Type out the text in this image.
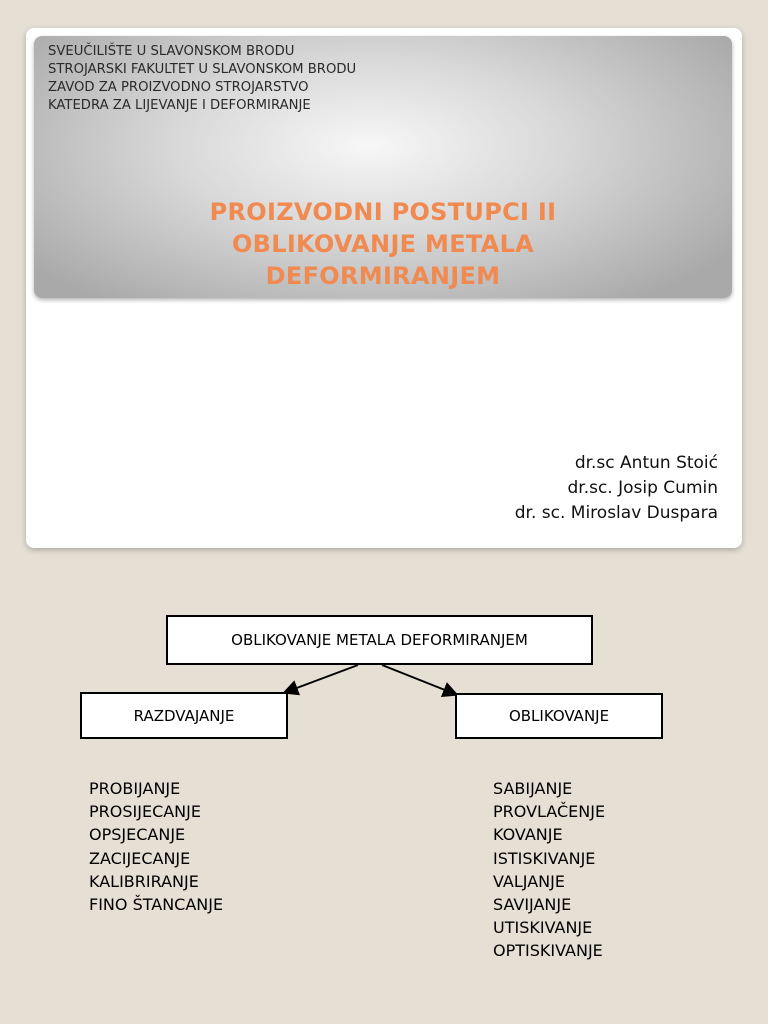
SVEUČILIŠTE U SLAVONSKOM BRODU
STROJARSKI FAKULTET U SLAVONSKOM BRODU
ZAVOD ZA PROIZVODNO STROJARSTVO
KATEDRA ZA LIJEVANJE I DEFORMIRANJE
PROIZVODNI POSTUPCI II
OBLIKOVANJE METALA
DEFORMIRANJEM
dr.sc Antun Stoić
dr.sc. Josip Cumin
dr. sc. Miroslav Duspara
OBLIKOVANJE METALA DEFORMIRANJEM
RAZDVAJANJE	OBLIKOVANJE
PROBIJANJE
PROSIJECANJE
OPSJECANJE
ZACIJECANJE
KALIBRIRANJE
FINO ŠTANCANJE
SABIJANJE
PROVLAČENJE
KOVANJE
ISTISKIVANJE
VALJANJE
SAVIJANJE
UTISKIVANJE
OPTISKIVANJE
